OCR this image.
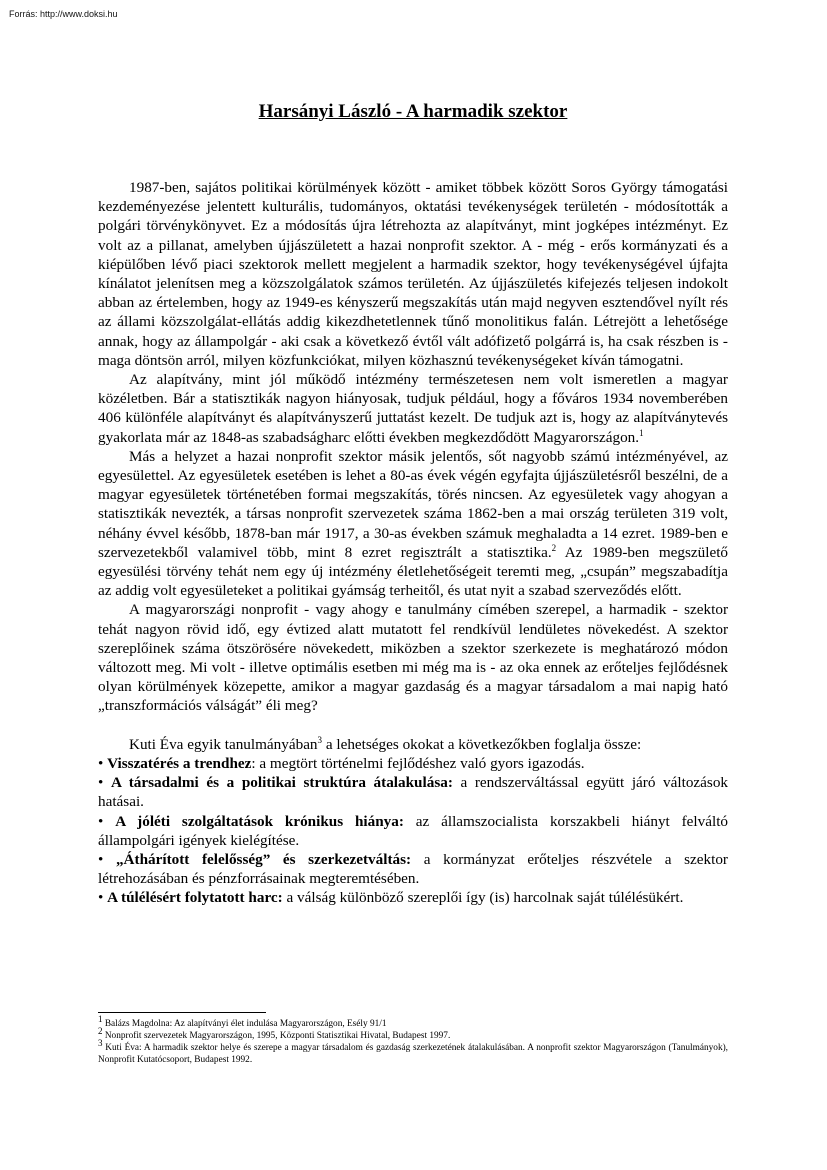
Forrás: http://www.doksi.hu
Harsányi László - A harmadik szektor

1987-ben, sajátos politikai körülmények között - amiket többek között Soros György támogatási kezdeményezése jelentett kulturális, tudományos, oktatási tevékenységek területén - módosították a polgári törvénykönyvet. Ez a módosítás újra létrehozta az alapítványt, mint jogképes intézményt. Ez volt az a pillanat, amelyben újjászületett a hazai nonprofit szektor. A - még - erős kormányzati és a kiépülőben lévő piaci szektorok mellett megjelent a harmadik szektor, hogy tevékenységével újfajta kínálatot jelenítsen meg a közszolgálatok számos területén. Az újjászületés kifejezés teljesen indokolt abban az értelemben, hogy az 1949-es kényszerű megszakítás után majd negyven esztendővel nyílt rés az állami közszolgálat-ellátás addig kikezdhetetlennek tűnő monolitikus falán. Létrejött a lehetősége annak, hogy az állampolgár - aki csak a következő évtől vált adófizető polgárrá is, ha csak részben is - maga döntsön arról, milyen közfunkciókat, milyen közhasznú tevékenységeket kíván támogatni.

Az alapítvány, mint jól működő intézmény természetesen nem volt ismeretlen a magyar közéletben. Bár a statisztikák nagyon hiányosak, tudjuk például, hogy a főváros 1934 novemberében 406 különféle alapítványt és alapítványszerű juttatást kezelt. De tudjuk azt is, hogy az alapítványtevés gyakorlata már az 1848-as szabadságharc előtti években megkezdődött Magyarországon.$^1$

Más a helyzet a hazai nonprofit szektor másik jelentős, sőt nagyobb számú intézményével, az egyesülettel. Az egyesületek esetében is lehet a 80-as évek végén egyfajta újjászületésről beszélni, de a magyar egyesületek történetében formai megszakítás, törés nincsen. Az egyesületek vagy ahogyan a statisztikák nevezték, a társas nonprofit szervezetek száma 1862-ben a mai ország területen 319 volt, néhány évvel később, 1878-ban már 1917, a 30-as években számuk meghaladta a 14 ezret. 1989-ben e szervezetekből valamivel több, mint 8 ezret regisztrált a statisztika.$^2$ Az 1989-ben megszülető egyesülési törvény tehát nem egy új intézmény életlehetőségeit teremti meg, „csupán” megszabadítja az addig volt egyesületeket a politikai gyámság terheitől, és utat nyit a szabad szerveződés előtt.

A magyarországi nonprofit - vagy ahogy e tanulmány címében szerepel, a harmadik - szektor tehát nagyon rövid idő, egy évtized alatt mutatott fel rendkívül lendületes növekedést. A szektor szereplőinek száma ötszörösére növekedett, miközben a szektor szerkezete is meghatározó módon változott meg. Mi volt - illetve optimális esetben mi még ma is - az oka ennek az erőteljes fejlődésnek olyan körülmények közepette, amikor a magyar gazdaság és a magyar társadalom a mai napig ható „transzformációs válságát” éli meg?

Kuti Éva egyik tanulmányában$^3$ a lehetséges okokat a következőkben foglalja össze:

• Visszatérés a trendhez: a megtört történelmi fejlődéshez való gyors igazodás.

• A társadalmi és a politikai struktúra átalakulása: a rendszerváltással együtt járó változások hatásai.

• A jóléti szolgáltatások krónikus hiánya: az államszocialista korszakbeli hiányt felváltó állampolgári igények kielégítése.

• „Áthárított felelősség” és szerkezetváltás: a kormányzat erőteljes részvétele a szektor létrehozásában és pénzforrásainak megteremtésében.

• A túlélésért folytatott harc: a válság különböző szereplői így (is) harcolnak saját túlélésükért.

$^1$ Balázs Magdolna: Az alapítványi élet indulása Magyarországon, Esély 91/1

$^2$ Nonprofit szervezetek Magyarországon, 1995, Központi Statisztikai Hivatal, Budapest 1997.

$^3$ Kuti Éva: A harmadik szektor helye és szerepe a magyar társadalom és gazdaság szerkezetének átalakulásában. A nonprofit szektor Magyarországon (Tanulmányok), Nonprofit Kutatócsoport, Budapest 1992.
